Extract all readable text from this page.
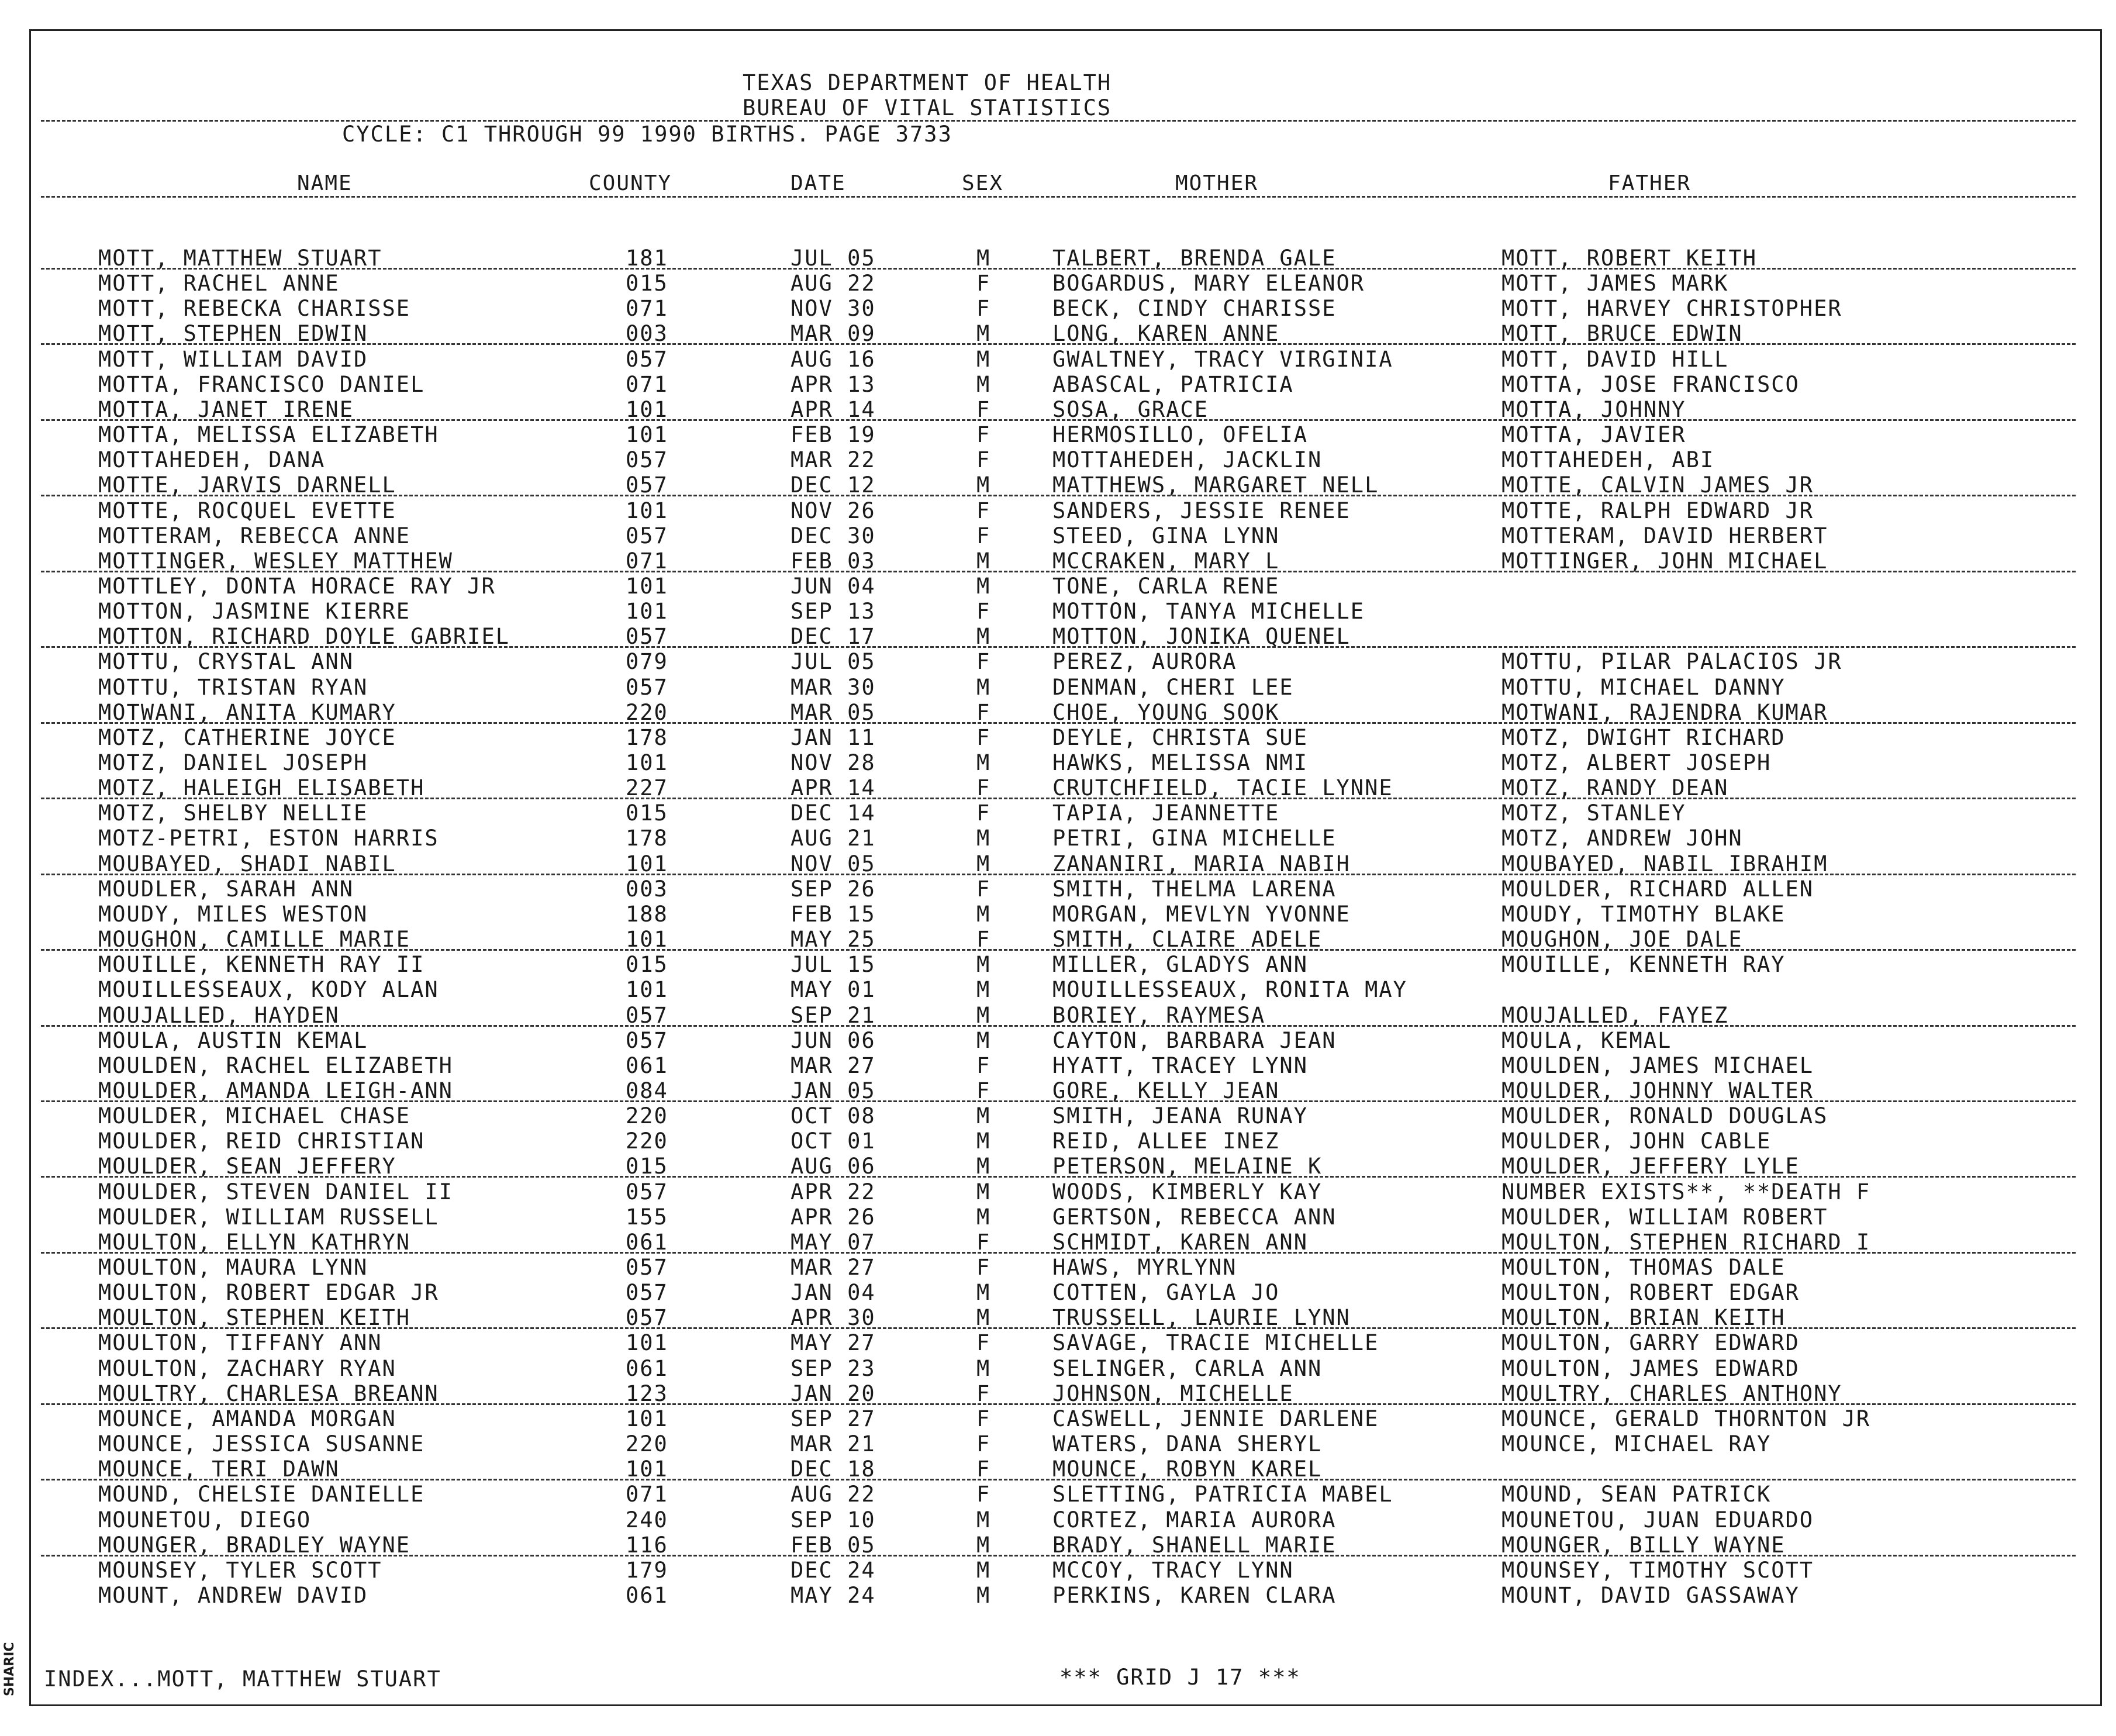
SHARIC
TEXAS DEPARTMENT OF HEALTH
BUREAU OF VITAL STATISTICS
CYCLE: C1 THROUGH 99 1990 BIRTHS. PAGE 3733
NAME	COUNTY	DATE	SEX	MOTHER	FATHER
MOTT, MATTHEW STUART	181	JUL 05	M	TALBERT, BRENDA GALE	MOTT, ROBERT KEITH
MOTT, RACHEL ANNE	015	AUG 22	F	BOGARDUS, MARY ELEANOR	MOTT, JAMES MARK
MOTT, REBECKA CHARISSE	071	NOV 30	F	BECK, CINDY CHARISSE	MOTT, HARVEY CHRISTOPHER
MOTT, STEPHEN EDWIN	003	MAR 09	M	LONG, KAREN ANNE	MOTT, BRUCE EDWIN
MOTT, WILLIAM DAVID	057	AUG 16	M	GWALTNEY, TRACY VIRGINIA	MOTT, DAVID HILL
MOTTA, FRANCISCO DANIEL	071	APR 13	M	ABASCAL, PATRICIA	MOTTA, JOSE FRANCISCO
MOTTA, JANET IRENE	101	APR 14	F	SOSA, GRACE	MOTTA, JOHNNY
MOTTA, MELISSA ELIZABETH	101	FEB 19	F	HERMOSILLO, OFELIA	MOTTA, JAVIER
MOTTAHEDEH, DANA	057	MAR 22	F	MOTTAHEDEH, JACKLIN	MOTTAHEDEH, ABI
MOTTE, JARVIS DARNELL	057	DEC 12	M	MATTHEWS, MARGARET NELL	MOTTE, CALVIN JAMES JR
MOTTE, ROCQUEL EVETTE	101	NOV 26	F	SANDERS, JESSIE RENEE	MOTTE, RALPH EDWARD JR
MOTTERAM, REBECCA ANNE	057	DEC 30	F	STEED, GINA LYNN	MOTTERAM, DAVID HERBERT
MOTTINGER, WESLEY MATTHEW	071	FEB 03	M	MCCRAKEN, MARY L	MOTTINGER, JOHN MICHAEL
MOTTLEY, DONTA HORACE RAY JR	101	JUN 04	M	TONE, CARLA RENE
MOTTON, JASMINE KIERRE	101	SEP 13	F	MOTTON, TANYA MICHELLE
MOTTON, RICHARD DOYLE GABRIEL	057	DEC 17	M	MOTTON, JONIKA QUENEL
MOTTU, CRYSTAL ANN	079	JUL 05	F	PEREZ, AURORA	MOTTU, PILAR PALACIOS JR
MOTTU, TRISTAN RYAN	057	MAR 30	M	DENMAN, CHERI LEE	MOTTU, MICHAEL DANNY
MOTWANI, ANITA KUMARY	220	MAR 05	F	CHOE, YOUNG SOOK	MOTWANI, RAJENDRA KUMAR
MOTZ, CATHERINE JOYCE	178	JAN 11	F	DEYLE, CHRISTA SUE	MOTZ, DWIGHT RICHARD
MOTZ, DANIEL JOSEPH	101	NOV 28	M	HAWKS, MELISSA NMI	MOTZ, ALBERT JOSEPH
MOTZ, HALEIGH ELISABETH	227	APR 14	F	CRUTCHFIELD, TACIE LYNNE	MOTZ, RANDY DEAN
MOTZ, SHELBY NELLIE	015	DEC 14	F	TAPIA, JEANNETTE	MOTZ, STANLEY
MOTZ-PETRI, ESTON HARRIS	178	AUG 21	M	PETRI, GINA MICHELLE	MOTZ, ANDREW JOHN
MOUBAYED, SHADI NABIL	101	NOV 05	M	ZANANIRI, MARIA NABIH	MOUBAYED, NABIL IBRAHIM
MOUDLER, SARAH ANN	003	SEP 26	F	SMITH, THELMA LARENA	MOULDER, RICHARD ALLEN
MOUDY, MILES WESTON	188	FEB 15	M	MORGAN, MEVLYN YVONNE	MOUDY, TIMOTHY BLAKE
MOUGHON, CAMILLE MARIE	101	MAY 25	F	SMITH, CLAIRE ADELE	MOUGHON, JOE DALE
MOUILLE, KENNETH RAY II	015	JUL 15	M	MILLER, GLADYS ANN	MOUILLE, KENNETH RAY
MOUILLESSEAUX, KODY ALAN	101	MAY 01	M	MOUILLESSEAUX, RONITA MAY
MOUJALLED, HAYDEN	057	SEP 21	M	BORIEY, RAYMESA	MOUJALLED, FAYEZ
MOULA, AUSTIN KEMAL	057	JUN 06	M	CAYTON, BARBARA JEAN	MOULA, KEMAL
MOULDEN, RACHEL ELIZABETH	061	MAR 27	F	HYATT, TRACEY LYNN	MOULDEN, JAMES MICHAEL
MOULDER, AMANDA LEIGH-ANN	084	JAN 05	F	GORE, KELLY JEAN	MOULDER, JOHNNY WALTER
MOULDER, MICHAEL CHASE	220	OCT 08	M	SMITH, JEANA RUNAY	MOULDER, RONALD DOUGLAS
MOULDER, REID CHRISTIAN	220	OCT 01	M	REID, ALLEE INEZ	MOULDER, JOHN CABLE
MOULDER, SEAN JEFFERY	015	AUG 06	M	PETERSON, MELAINE K	MOULDER, JEFFERY LYLE
MOULDER, STEVEN DANIEL II	057	APR 22	M	WOODS, KIMBERLY KAY	NUMBER EXISTS**, **DEATH F
MOULDER, WILLIAM RUSSELL	155	APR 26	M	GERTSON, REBECCA ANN	MOULDER, WILLIAM ROBERT
MOULTON, ELLYN KATHRYN	061	MAY 07	F	SCHMIDT, KAREN ANN	MOULTON, STEPHEN RICHARD I
MOULTON, MAURA LYNN	057	MAR 27	F	HAWS, MYRLYNN	MOULTON, THOMAS DALE
MOULTON, ROBERT EDGAR JR	057	JAN 04	M	COTTEN, GAYLA JO	MOULTON, ROBERT EDGAR
MOULTON, STEPHEN KEITH	057	APR 30	M	TRUSSELL, LAURIE LYNN	MOULTON, BRIAN KEITH
MOULTON, TIFFANY ANN	101	MAY 27	F	SAVAGE, TRACIE MICHELLE	MOULTON, GARRY EDWARD
MOULTON, ZACHARY RYAN	061	SEP 23	M	SELINGER, CARLA ANN	MOULTON, JAMES EDWARD
MOULTRY, CHARLESA BREANN	123	JAN 20	F	JOHNSON, MICHELLE	MOULTRY, CHARLES ANTHONY
MOUNCE, AMANDA MORGAN	101	SEP 27	F	CASWELL, JENNIE DARLENE	MOUNCE, GERALD THORNTON JR
MOUNCE, JESSICA SUSANNE	220	MAR 21	F	WATERS, DANA SHERYL	MOUNCE, MICHAEL RAY
MOUNCE, TERI DAWN	101	DEC 18	F	MOUNCE, ROBYN KAREL
MOUND, CHELSIE DANIELLE	071	AUG 22	F	SLETTING, PATRICIA MABEL	MOUND, SEAN PATRICK
MOUNETOU, DIEGO	240	SEP 10	M	CORTEZ, MARIA AURORA	MOUNETOU, JUAN EDUARDO
MOUNGER, BRADLEY WAYNE	116	FEB 05	M	BRADY, SHANELL MARIE	MOUNGER, BILLY WAYNE
MOUNSEY, TYLER SCOTT	179	DEC 24	M	MCCOY, TRACY LYNN	MOUNSEY, TIMOTHY SCOTT
MOUNT, ANDREW DAVID	061	MAY 24	M	PERKINS, KAREN CLARA	MOUNT, DAVID GASSAWAY
INDEX...MOTT, MATTHEW STUART	*** GRID J 17 ***
